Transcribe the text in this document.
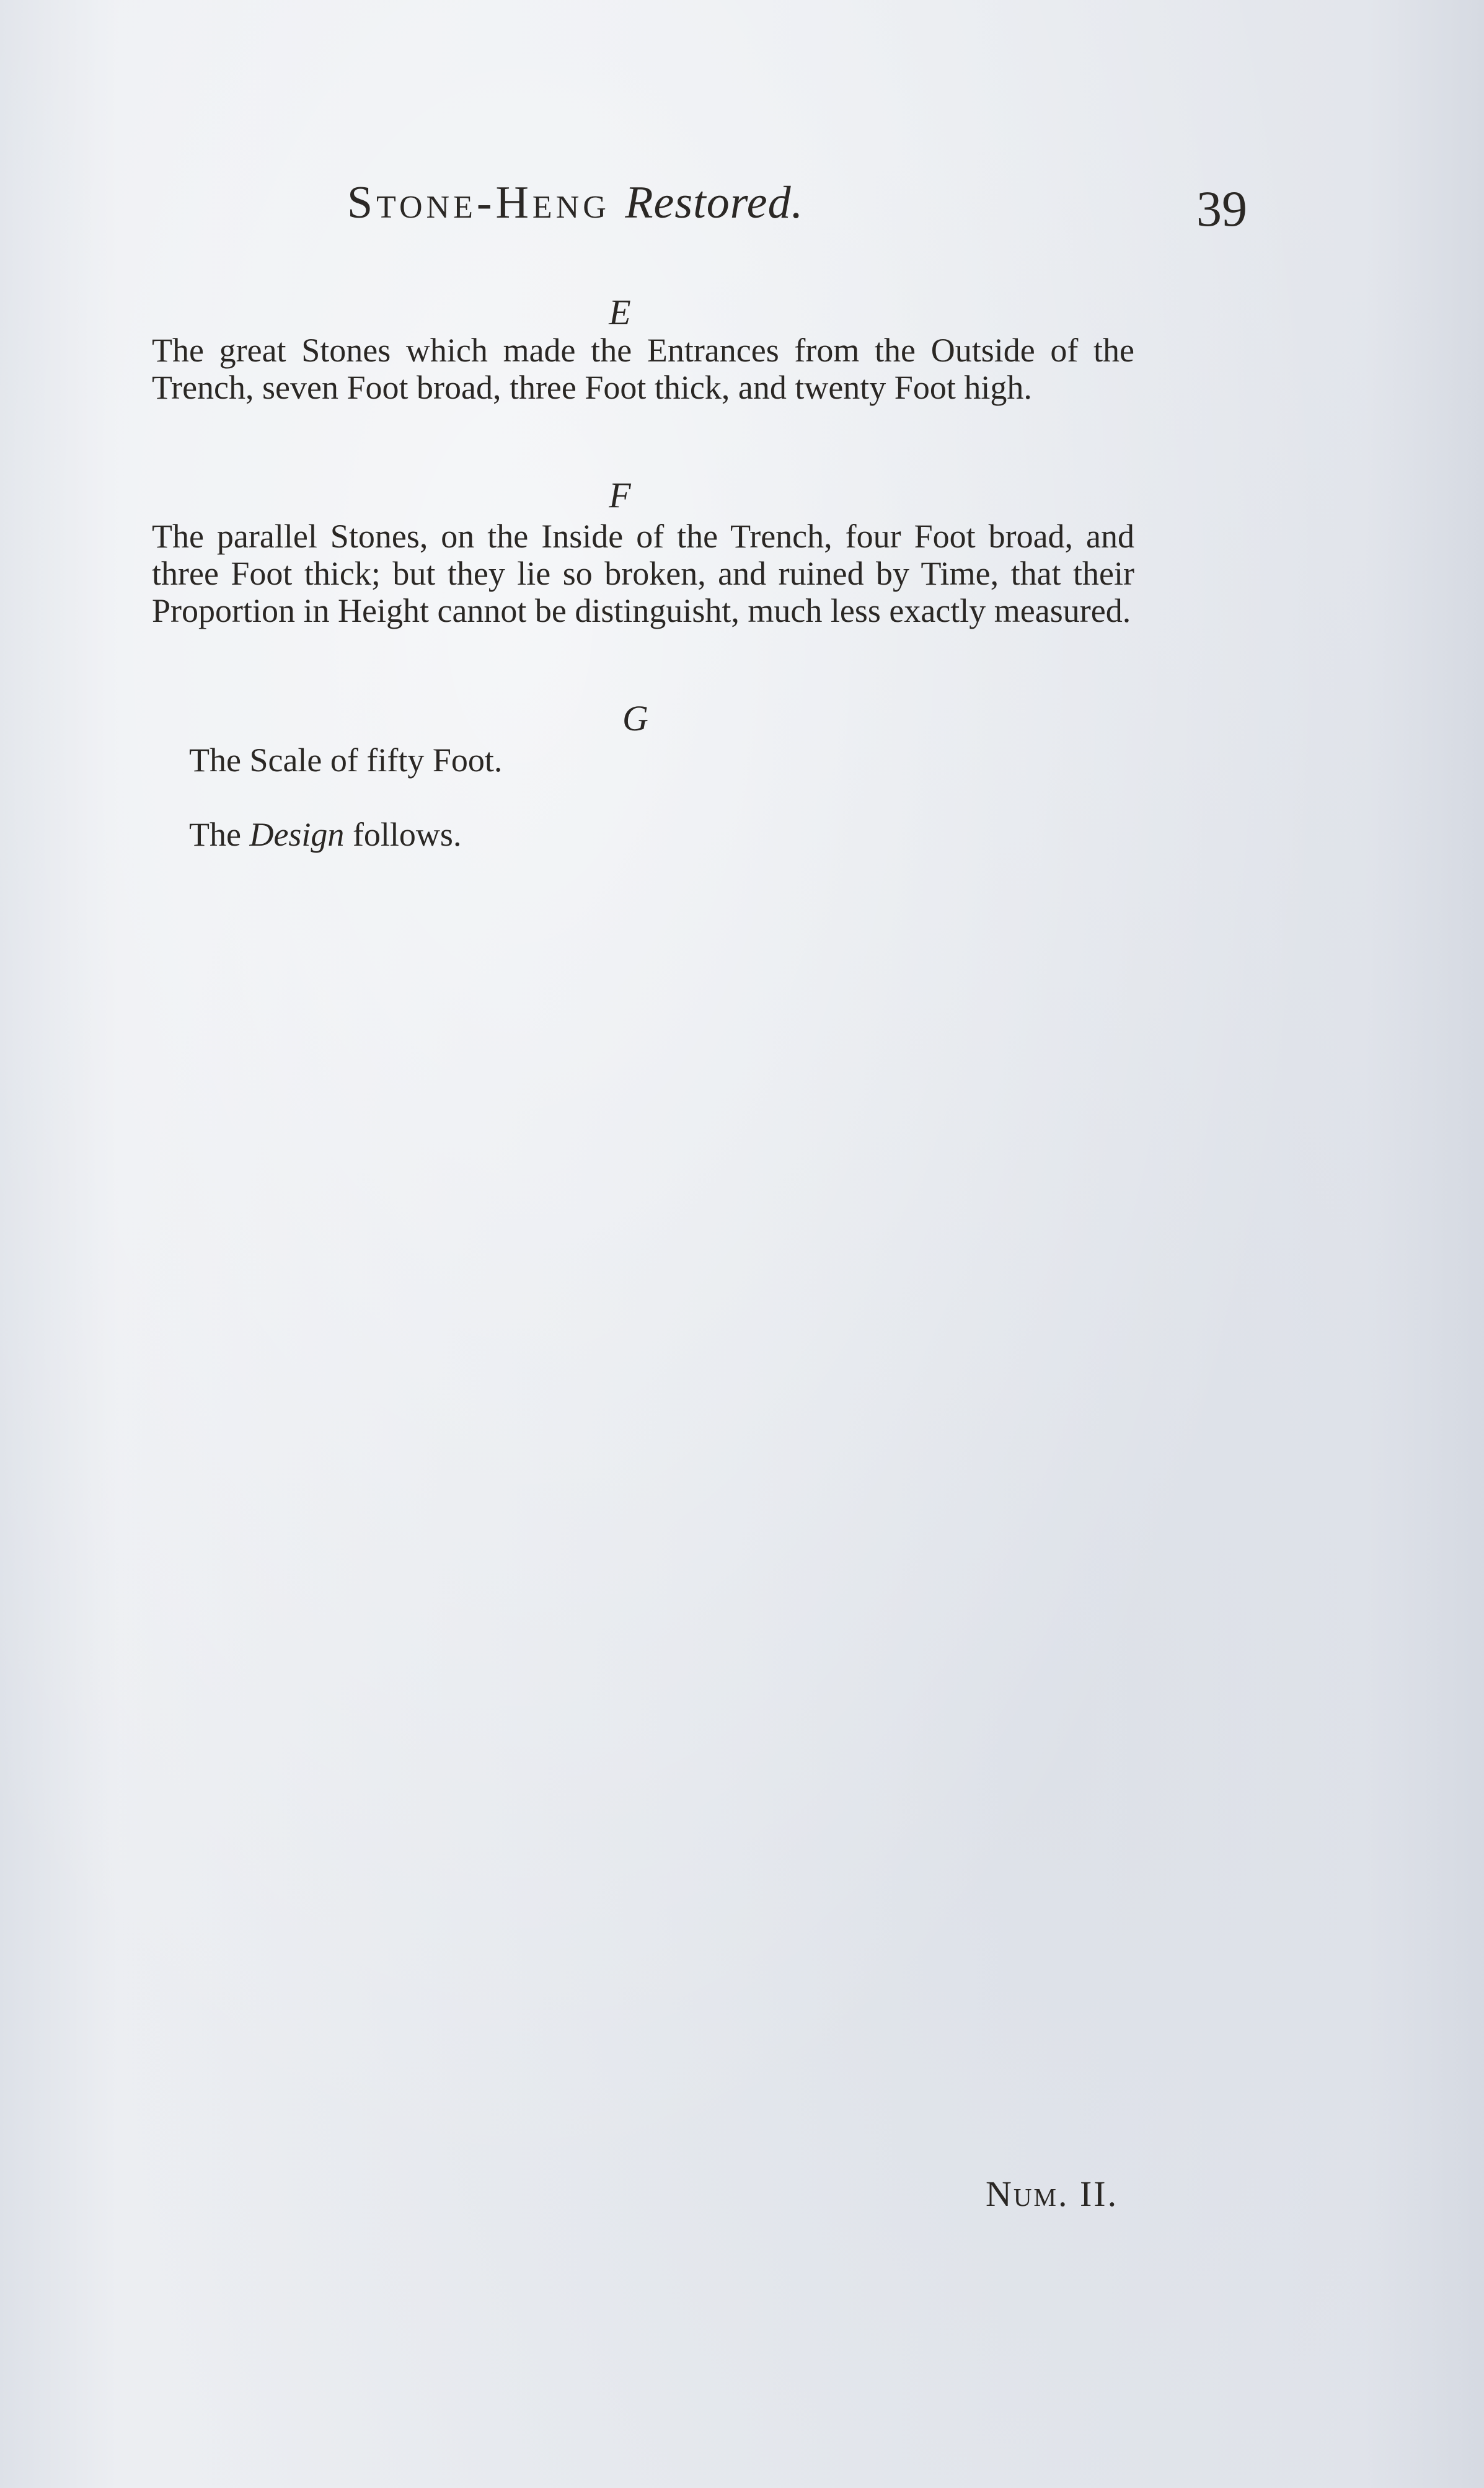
Stone-Heng Restored.	39
E
The great Stones which made the Entrances from the Outside of the Trench, seven Foot broad, three Foot thick, and twenty Foot high.
F
The parallel Stones, on the Inside of the Trench, four Foot broad, and three Foot thick; but they lie so broken, and ruined by Time, that their Proportion in Height cannot be distinguisht, much less exactly measured.
G
The Scale of fifty Foot.
The Design follows.
Num. II.
